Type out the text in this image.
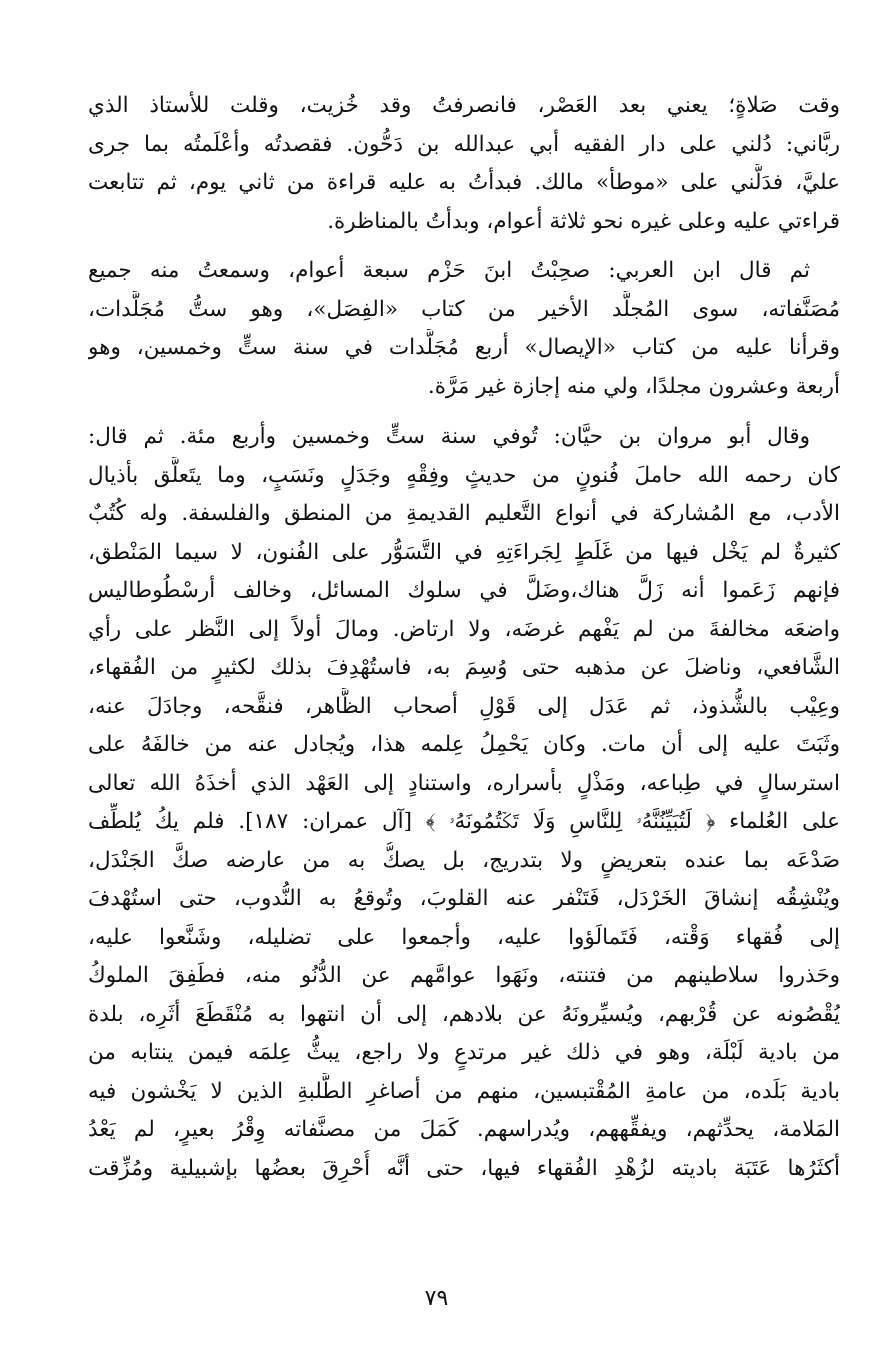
وقت صَلاةٍ؛ يعني بعد العَصْر، فانصرفتُ وقد خُزيت، وقلت للأستاذ الذي
ربَّاني: دُلني على دار الفقيه أبي عبدالله بن دَحُّون. فقصدتُه وأعْلَمتُه بما جرى
عليَّ، فدَلَّني على «موطأ» مالك. فبدأتُ به عليه قراءة من ثاني يوم، ثم تتابعت
قراءتي عليه وعلى غيره نحو ثلاثة أعوام، وبدأتُ بالمناظرة.
ثم قال ابن العربي: صحِبْتُ ابنَ حَزْم سبعة أعوام، وسمعتُ منه جميع
مُصَنَّفاته، سوى المُجلَّد الأخير من كتاب «الفِصَل»، وهو ستُّ مُجَلَّدات،
وقرأنا عليه من كتاب «الإيصال» أربع مُجَلَّدات في سنة ستٍّ وخمسين، وهو
أربعة وعشرون مجلدًا، ولي منه إجازة غير مَرَّة.
وقال أبو مروان بن حيَّان: تُوفي سنة ستٍّ وخمسين وأربع مئة. ثم قال:
كان رحمه الله حاملَ فُنونٍ من حديثٍ وفِقْهٍ وجَدَلٍ ونَسَبٍ، وما يتَعلَّق بأذيال
الأدب، مع المُشاركة في أنواع التَّعليم القديمةِ من المنطق والفلسفة. وله كُتُبٌ
كثيرةٌ لم يَخْل فيها من غَلَطٍ لِجَراءَتِهِ في التَّسَوُّر على الفُنون، لا سيما المَنْطق،
فإنهم زَعَموا أنه زَلَّ هناك،وضَلَّ في سلوك المسائل، وخالف أرسْطُوطاليس
واضعَه مخالفةَ من لم يَفْهم غرضَه، ولا ارتاض. ومالَ أولاً إلى النَّظر على رأي
الشَّافعي، وناضلَ عن مذهبه حتى وُسِمَ به، فاستُهْدِفَ بذلك لكثيرٍ من الفُقهاء،
وعِيْب بالشُّذوذ، ثم عَدَل إلى قَوْلِ أصحاب الظَّاهر، فنقَّحه، وجادَلَ عنه،
وثَبَتَ عليه إلى أن مات. وكان يَحْمِلُ عِلمه هذا، ويُجادل عنه من خالفَهُ على
استرسالٍ في طِباعه، ومَذْلٍ بأسراره، واستنادٍ إلى العَهْد الذي أخذَهُ الله تعالى
على العُلماء ﴿ لَتُبَيِّنُنَّهُۥ لِلنَّاسِ وَلَا تَكۡتُمُونَهُۥ ﴾ [آل عمران: ١٨٧]. فلم يكُ يُلطِّف
صَدْعَه بما عنده بتعريضٍ ولا بتدريج، بل يصكُّ به من عارضه صكَّ الجَنْدَل،
ويُنْشِقُه إنشاقَ الخَرْدَل، فَتَنْفر عنه القلوبَ، وتُوقعُ به النُّدوب، حتى استُهْدفَ
إلى فُقهاء وَقْته، فَتَمالَؤوا عليه، وأجمعوا على تضليله، وشَنَّعوا عليه،
وحَذروا سلاطينهم من فتنته، ونَهَوا عوامَّهم عن الدُّنُو منه، فطَفِقَ الملوكُ
يُقْصُونه عن قُرْبهم، ويُسيِّرونَهُ عن بلادهم، إلى أن انتهوا به مُنْقَطَعَ أثَرِه، بلدة
من بادية لَبْلَة، وهو في ذلك غير مرتدعٍ ولا راجع، يبثُّ عِلمَه فيمن ينتابه من
بادية بَلَده، من عامةِ المُقْتبسين، منهم من أصاغرِ الطَّلبةِ الذين لا يَخْشون فيه
المَلامة، يحدِّثهم، ويفقِّههم، ويُدراسهم. كَمَلَ من مصنَّفاته وِقْرُ بعيرٍ، لم يَعْدُ
أكثَرُها عَتَبَة باديته لزُهْدِ الفُقهاء فيها، حتى أنَّه أُحْرِقَ بعضُها بإشبيلية ومُزِّقت
٧٩
